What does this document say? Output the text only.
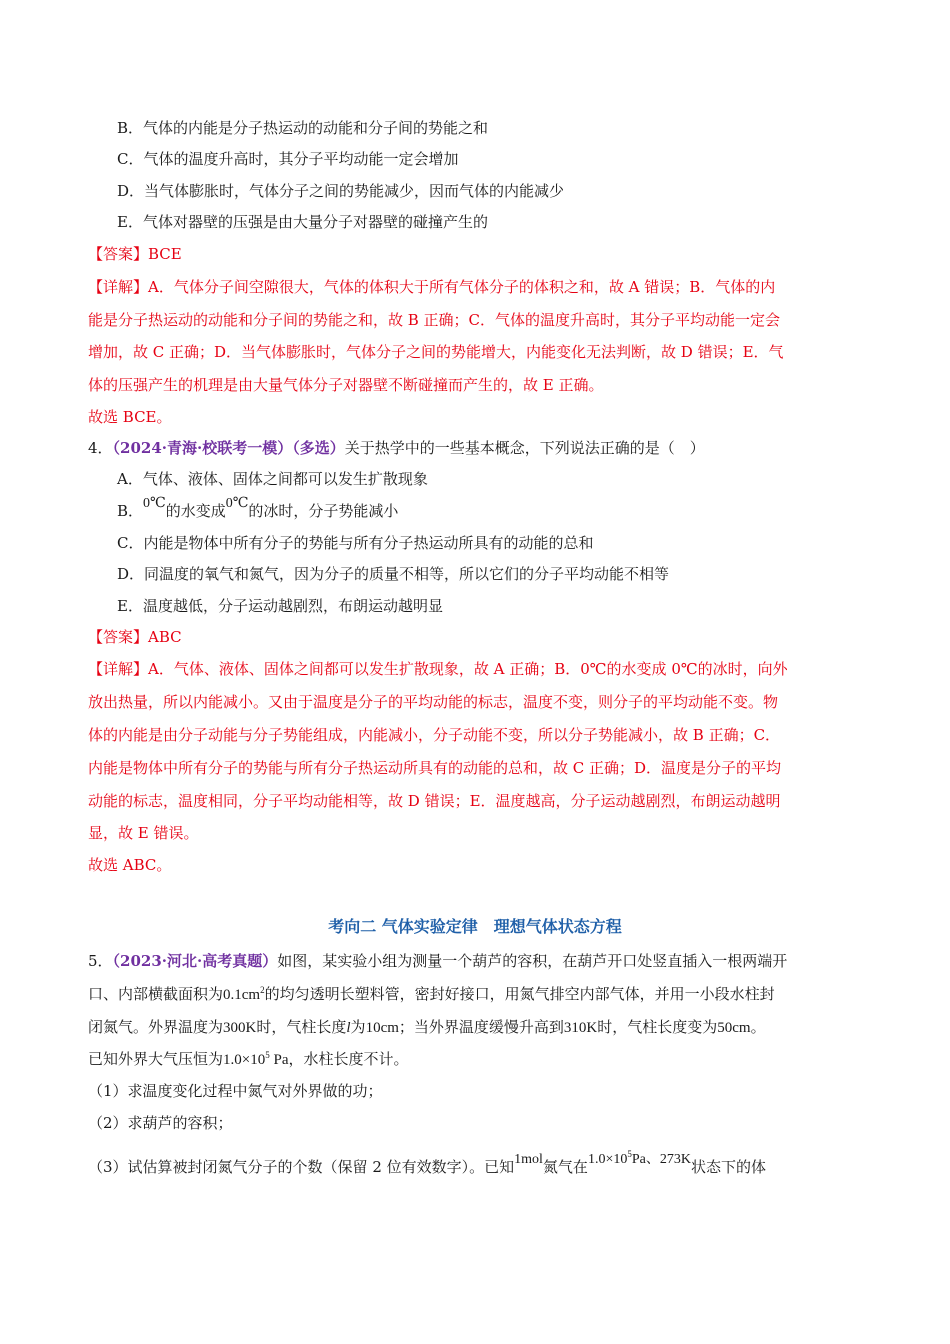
B．气体的内能是分子热运动的动能和分子间的势能之和
C．气体的温度升高时，其分子平均动能一定会增加
D．当气体膨胀时，气体分子之间的势能减少，因而气体的内能减少
E．气体对器壁的压强是由大量分子对器壁的碰撞产生的
【答案】BCE
【详解】A．气体分子间空隙很大，气体的体积大于所有气体分子的体积之和，故 A 错误；B．气体的内
能是分子热运动的动能和分子间的势能之和，故 B 正确；C．气体的温度升高时，其分子平均动能一定会
增加，故 C 正确；D．当气体膨胀时，气体分子之间的势能增大，内能变化无法判断，故 D 错误；E．气
体的压强产生的机理是由大量气体分子对器壁不断碰撞而产生的，故 E 正确。
故选 BCE。
4．（2024·青海·校联考一模）（多选）关于热学中的一些基本概念，下列说法正确的是（　）
A．气体、液体、固体之间都可以发生扩散现象
B．0℃的水变成0℃的冰时，分子势能减小
C．内能是物体中所有分子的势能与所有分子热运动所具有的动能的总和
D．同温度的氧气和氮气，因为分子的质量不相等，所以它们的分子平均动能不相等
E．温度越低，分子运动越剧烈，布朗运动越明显
【答案】ABC
【详解】A．气体、液体、固体之间都可以发生扩散现象，故 A 正确；B．0℃的水变成 0℃的冰时，向外
放出热量，所以内能减小。又由于温度是分子的平均动能的标志，温度不变，则分子的平均动能不变。物
体的内能是由分子动能与分子势能组成，内能减小，分子动能不变，所以分子势能减小，故 B 正确；C．
内能是物体中所有分子的势能与所有分子热运动所具有的动能的总和，故 C 正确；D．温度是分子的平均
动能的标志，温度相同，分子平均动能相等，故 D 错误；E．温度越高，分子运动越剧烈，布朗运动越明
显，故 E 错误。
故选 ABC。
考向二 气体实验定律　理想气体状态方程
5．（2023·河北·高考真题）如图，某实验小组为测量一个葫芦的容积，在葫芦开口处竖直插入一根两端开
口、内部横截面积为$0.1cm^2$的均匀透明长塑料管，密封好接口，用氮气排空内部气体，并用一小段水柱封
闭氮气。外界温度为300K时，气柱长度l为10cm；当外界温度缓慢升高到310K时，气柱长度变为50cm。
已知外界大气压恒为$1.0\times 10^5$ Pa，水柱长度不计。
（1）求温度变化过程中氮气对外界做的功；
（2）求葫芦的容积；
（3）试估算被封闭氮气分子的个数（保留 2 位有效数字）。已知1mol氮气在$1.0\times 10^5Pa$、273K状态下的体
